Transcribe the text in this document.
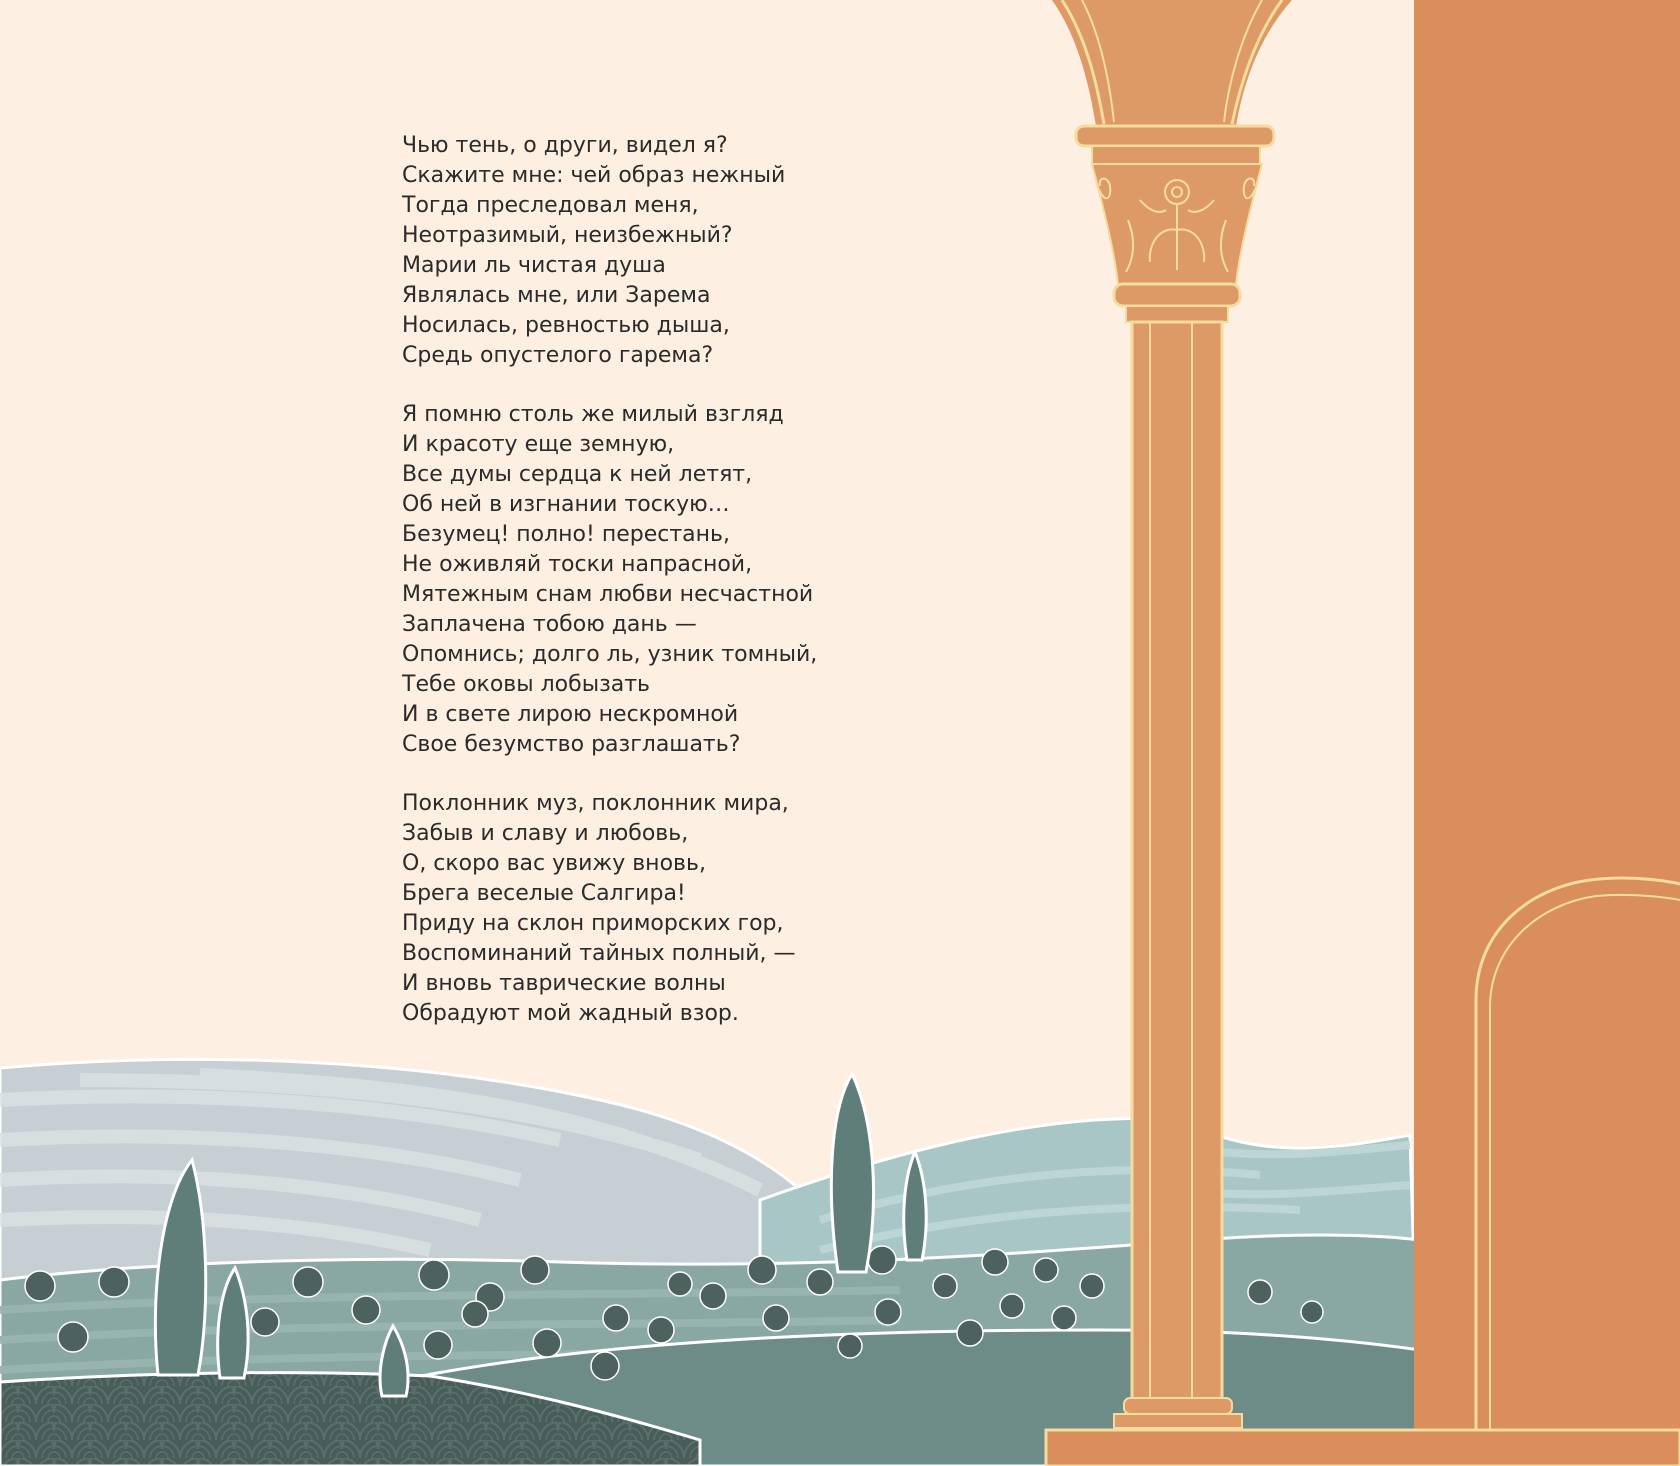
Чью тень, о други, видел я?
Скажите мне: чей образ нежный
Тогда преследовал меня,
Неотразимый, неизбежный?
Марии ль чистая душа
Являлась мне, или Зарема
Носилась, ревностью дыша,
Средь опустелого гарема?
Я помню столь же милый взгляд
И красоту еще земную,
Все думы сердца к ней летят,
Об ней в изгнании тоскую…
Безумец! полно! перестань,
Не оживляй тоски напрасной,
Мятежным снам любви несчастной
Заплачена тобою дань —
Опомнись; долго ль, узник томный,
Тебе оковы лобызать
И в свете лирою нескромной
Свое безумство разглашать?
Поклонник муз, поклонник мира,
Забыв и славу и любовь,
О, скоро вас увижу вновь,
Брега веселые Салгира!
Приду на склон приморских гор,
Воспоминаний тайных полный, —
И вновь таврические волны
Обрадуют мой жадный взор.
